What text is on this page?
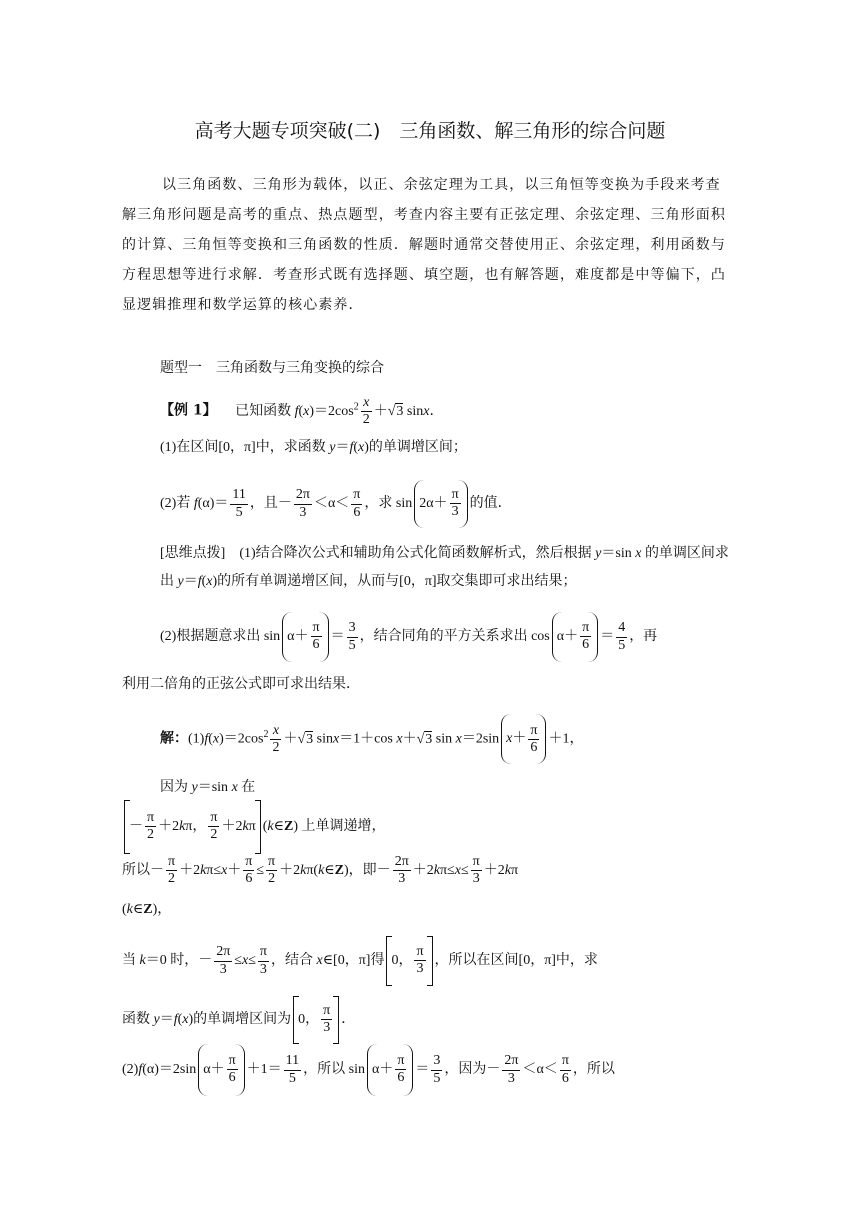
高考大题专项突破(二)　三角函数、解三角形的综合问题

以三角函数、三角形为载体，以正、余弦定理为工具，以三角恒等变换为手段来考查解三角形问题是高考的重点、热点题型，考查内容主要有正弦定理、余弦定理、三角形面积的计算、三角恒等变换和三角函数的性质．解题时通常交替使用正、余弦定理，利用函数与方程思想等进行求解．考查形式既有选择题、填空题，也有解答题，难度都是中等偏下，凸显逻辑推理和数学运算的核心素养．

题型一　三角函数与三角变换的综合
【例 1】 　已知函数 $f(x)=2\cos^2 \frac{x}{2} +√3$ sinx．
(1)在区间[0，π]中，求函数 y＝f(x)的单调增区间；
(2)若 $f(\alpha)= \frac{11}{5}$ ，且－ $\frac{2\pi}{3} <\alpha< \frac{\pi}{6}$ ，求 $\sin 2\alpha+ \frac{\pi}{3}$ 的值．
[思维点拨]　(1)结合降次公式和辅助角公式化简函数解析式，然后根据 y＝sin x 的单调区间求出 y＝f(x)的所有单调递增区间，从而与[0，π]取交集即可求出结果；
(2)根据题意求出 $\sin \alpha+ \frac{\pi}{6} = \frac{3}{5}$ ，结合同角的平方关系求出 $\cos \alpha+ \frac{\pi}{6} = \frac{4}{5}$ ，再
利用二倍角的正弦公式即可求出结果．
解：$(1)f(x)=2\cos^2 \frac{x}{2} +√3$ sinx＝1＋cos x＋√3 sin x＝2sin $x+ \frac{\pi}{6} +1$，
因为 y＝sin x 在
－ $\frac{\pi}{2} +2k\pi$， $\frac{\pi}{2} +2k\pi$ (k∈Z) 上单调递增，
所以－ $\frac{\pi}{2} +2k\pi\le x+ \frac{\pi}{6} \le \frac{\pi}{2}$ ＋2kπ(k∈Z)，即－ $\frac{2\pi}{3} +2k\pi\le x\le \frac{\pi}{3} +2k\pi$
(k∈Z)，
当 k＝0 时，－ $\frac{2\pi}{3} \le x\le \frac{\pi}{3}$ ，结合 x∈[0，π]得 0， $\frac{\pi}{3}$ ，所以在区间[0，π]中，求
函数 y＝f(x)的单调增区间为 0， $\frac{\pi}{3}$ ．
(2)f(α)＝2sin $\alpha+ \frac{\pi}{6} +1= \frac{11}{5}$ ，所以 $\sin \alpha+ \frac{\pi}{6} = \frac{3}{5}$ ，因为－ $\frac{2\pi}{3} <\alpha< \frac{\pi}{6}$ ，所以
